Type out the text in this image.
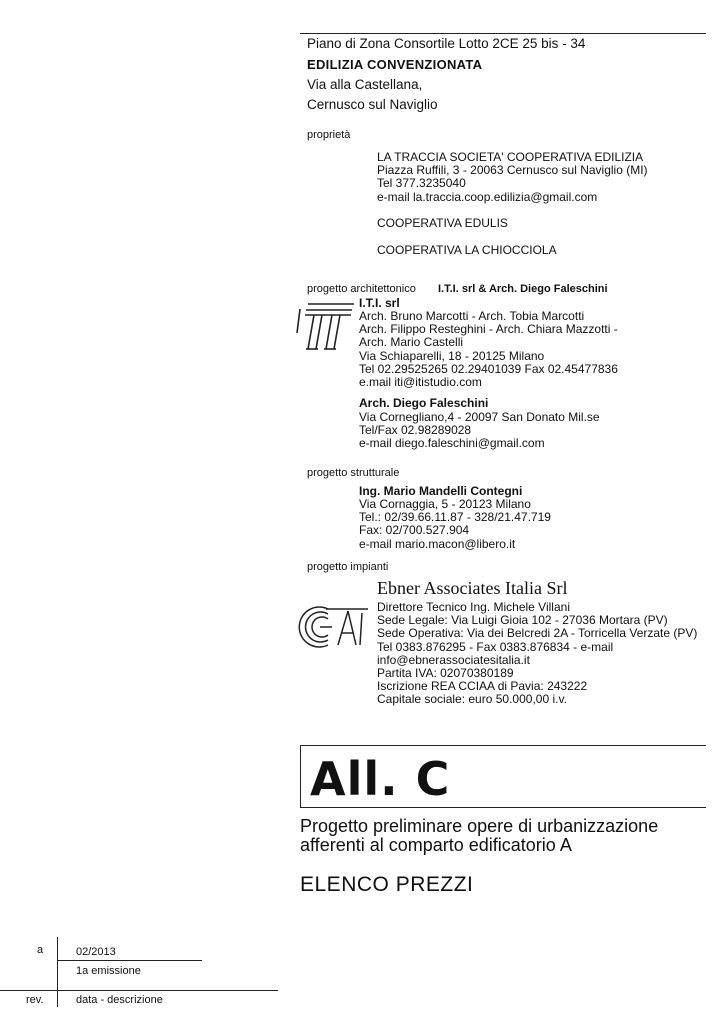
Piano di Zona Consortile Lotto 2CE 25 bis - 34
EDILIZIA CONVENZIONATA
Via alla Castellana,
Cernusco sul Naviglio
proprietà
LA TRACCIA SOCIETA' COOPERATIVA EDILIZIA
Piazza Ruffili, 3 - 20063 Cernusco sul Naviglio (MI)
Tel 377.3235040
e-mail la.traccia.coop.edilizia@gmail.com
COOPERATIVA EDULIS
COOPERATIVA LA CHIOCCIOLA
progetto architettonico I.T.I. srl & Arch. Diego Faleschini
I.T.I. srl
Arch. Bruno Marcotti - Arch. Tobia Marcotti
Arch. Filippo Resteghini - Arch. Chiara Mazzotti -
Arch. Mario Castelli
Via Schiaparelli, 18 - 20125 Milano
Tel 02.29525265 02.29401039 Fax 02.45477836
e.mail iti@itistudio.com
Arch. Diego Faleschini
Via Cornegliano,4 - 20097 San Donato Mil.se
Tel/Fax 02.98289028
e-mail diego.faleschini@gmail.com
progetto strutturale
Ing. Mario Mandelli Contegni
Via Cornaggia, 5 - 20123 Milano
Tel.: 02/39.66.11.87 - 328/21.47.719
Fax: 02/700.527.904
e-mail mario.macon@libero.it
progetto impianti
Ebner Associates Italia Srl
Direttore Tecnico Ing. Michele Villani
Sede Legale: Via Luigi Gioia 102 - 27036 Mortara (PV)
Sede Operativa: Via dei Belcredi 2A - Torricella Verzate (PV)
Tel 0383.876295 - Fax 0383.876834 - e-mail
info@ebnerassociatesitalia.it
Partita IVA: 02070380189
Iscrizione REA CCIAA di Pavia: 243222
Capitale sociale: euro 50.000,00 i.v.
All. C
Progetto preliminare opere di urbanizzazione
afferenti al comparto edificatorio A
ELENCO PREZZI
a	02/2013
1a emissione
rev.	data - descrizione
